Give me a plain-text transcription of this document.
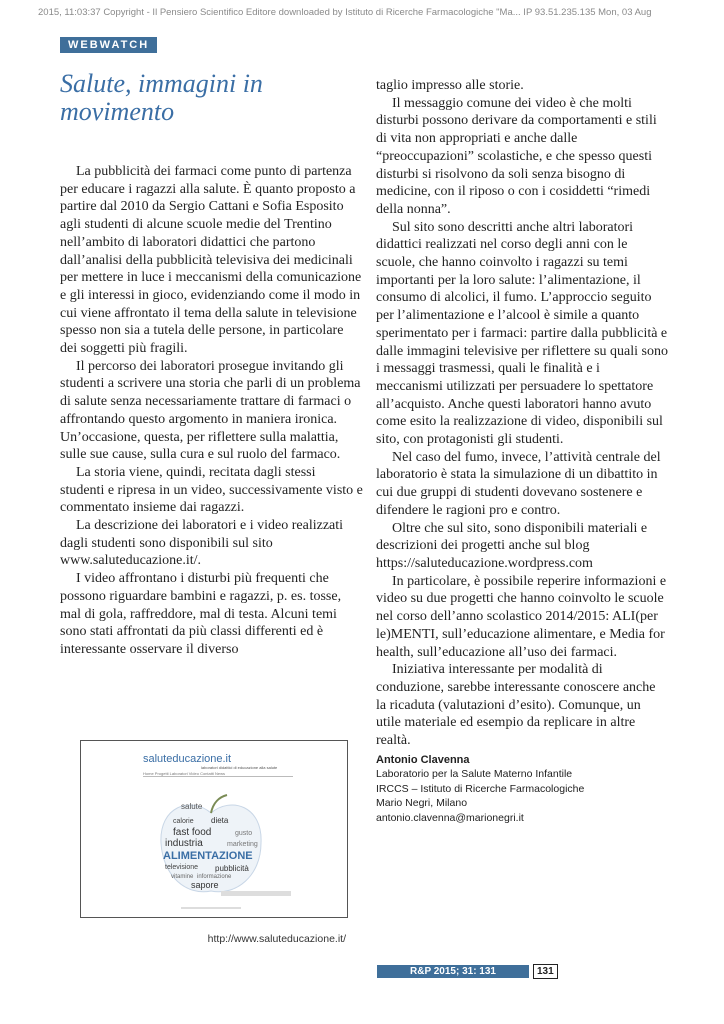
2015, 11:03:37 Copyright - Il Pensiero Scientifico Editore downloaded by Istituto di Ricerche Farmacologiche "Ma... IP 93.51.235.135 Mon, 03 Aug
WEBWATCH
Salute, immagini in movimento

La pubblicità dei farmaci come punto di partenza per educare i ragazzi alla salute. È quanto proposto a partire dal 2010 da Sergio Cattani e Sofia Esposito agli studenti di alcune scuole medie del Trentino nell’ambito di laboratori didattici che partono dall’analisi della pubblicità televisiva dei medicinali per mettere in luce i meccanismi della comunicazione e gli interessi in gioco, evidenziando come il modo in cui viene affrontato il tema della salute in televisione spesso non sia a tutela delle persone, in particolare dei soggetti più fragili.

Il percorso dei laboratori prosegue invitando gli studenti a scrivere una storia che parli di un problema di salute senza necessariamente trattare di farmaci o affrontando questo argomento in maniera ironica. Un’occasione, questa, per riflettere sulla malattia, sulle sue cause, sulla cura e sul ruolo del farmaco.

La storia viene, quindi, recitata dagli stessi studenti e ripresa in un video, successivamente visto e commentato insieme dai ragazzi.

La descrizione dei laboratori e i video realizzati dagli studenti sono disponibili sul sito www.saluteducazione.it/.

I video affrontano i disturbi più frequenti che possono riguardare bambini e ragazzi, p. es. tosse, mal di gola, raffreddore, mal di testa. Alcuni temi sono stati affrontati da più classi differenti ed è interessante osservare il diverso

taglio impresso alle storie.

Il messaggio comune dei video è che molti disturbi possono derivare da comportamenti e stili di vita non appropriati e anche dalle “preoccupazioni” scolastiche, e che spesso questi disturbi si risolvono da soli senza bisogno di medicine, con il riposo o con i cosiddetti “rimedi della nonna”.

Sul sito sono descritti anche altri laboratori didattici realizzati nel corso degli anni con le scuole, che hanno coinvolto i ragazzi su temi importanti per la loro salute: l’alimentazione, il consumo di alcolici, il fumo. L’approccio seguito per l’alimentazione e l’alcool è simile a quanto sperimentato per i farmaci: partire dalla pubblicità e dalle immagini televisive per riflettere su quali sono i messaggi trasmessi, quali le finalità e i meccanismi utilizzati per persuadere lo spettatore all’acquisto. Anche questi laboratori hanno avuto come esito la realizzazione di video, disponibili sul sito, con protagonisti gli studenti.

Nel caso del fumo, invece, l’attività centrale del laboratorio è stata la simulazione di un dibattito in cui due gruppi di studenti dovevano sostenere e difendere le ragioni pro e contro.

Oltre che sul sito, sono disponibili materiali e descrizioni dei progetti anche sul blog https://saluteducazione.wordpress.com

In particolare, è possibile reperire informazioni e video su due progetti che hanno coinvolto le scuole nel corso dell’anno scolastico 2014/2015: ALI(per le)MENTI, sull’educazione alimentare, e Media for health, sull’educazione all’uso dei farmaci.

Iniziativa interessante per modalità di conduzione, sarebbe interessante conoscere anche la ricaduta (valutazioni d’esito). Comunque, un utile materiale ed esempio da replicare in altre realtà.

Antonio Clavenna
Laboratorio per la Salute Materno Infantile
IRCCS – Istituto di Ricerche Farmacologiche
Mario Negri, Milano
antonio.clavenna@marionegri.it
saluteducazione.it
laboratori didattici di educazione alla salute
Home Progetti Laboratori Video Contatti News
salute
calorie dieta
fast food	gusto
industria	marketing
ALIMENTAZIONE
televisione pubblicità
vitamine informazione
sapore
http://www.saluteducazione.it/
R&P 2015; 31: 131	131
